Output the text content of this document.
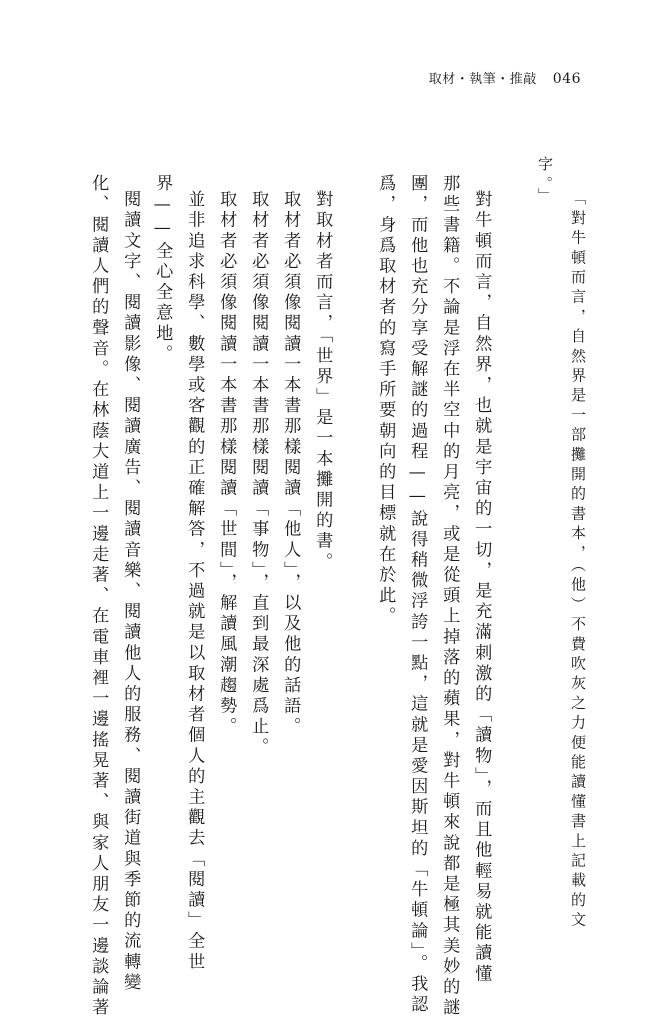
取材・執筆・推敲 046
「對牛頓而言，自然界是一部攤開的書本，（他）不費吹灰之力便能讀懂書上記載的文
字。」
對牛頓而言，自然界，也就是宇宙的一切，是充滿刺激的「讀物」，而且他輕易就能讀懂
那些書籍。不論是浮在半空中的月亮，或是從頭上掉落的蘋果，對牛頓來說都是極其美妙的謎
團，而他也充分享受解謎的過程——說得稍微浮誇一點，這就是愛因斯坦的「牛頓論」。我認
爲，身爲取材者的寫手所要朝向的目標就在於此。
對取材者而言，「世界」是一本攤開的書。
取材者必須像閱讀一本書那樣閱讀「他人」，以及他的話語。
取材者必須像閱讀一本書那樣閱讀「事物」，直到最深處爲止。
取材者必須像閱讀一本書那樣閱讀「世間」，解讀風潮趨勢。
並非追求科學、數學或客觀的正確解答，不過就是以取材者個人的主觀去「閱讀」全世
界——全心全意地。
閱讀文字、閱讀影像、閱讀廣告、閱讀音樂、閱讀他人的服務、閱讀街道與季節的流轉變
化、閱讀人們的聲音。在林蔭大道上一邊走著、在電車裡一邊搖晃著、與家人朋友一邊談論著
